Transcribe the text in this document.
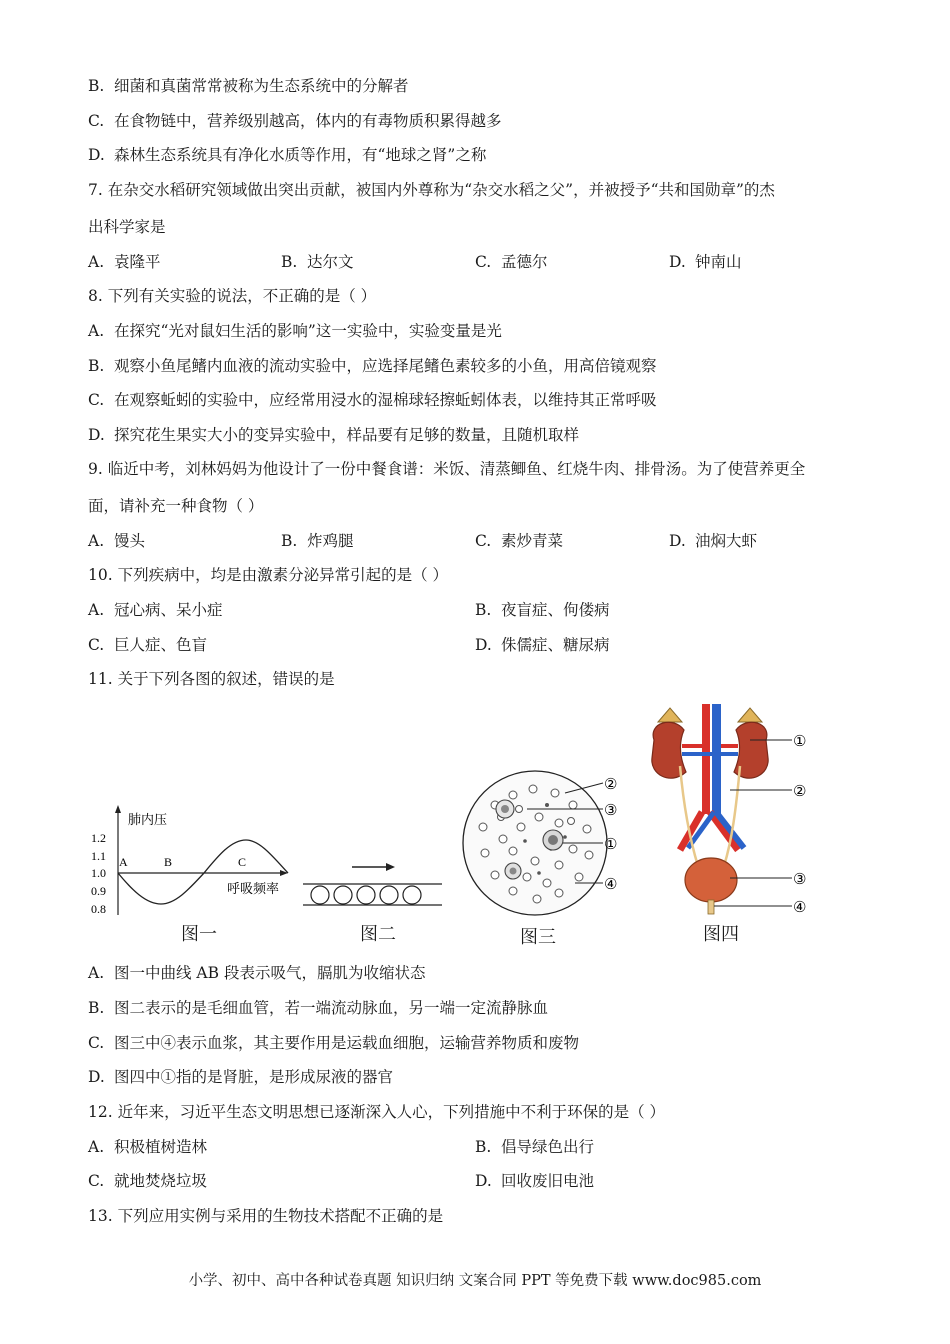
B. 细菌和真菌常常被称为生态系统中的分解者
C. 在食物链中，营养级别越高，体内的有毒物质积累得越多
D. 森林生态系统具有净化水质等作用，有“地球之肾”之称
7. 在杂交水稻研究领域做出突出贡献，被国内外尊称为“杂交水稻之父”，并被授予“共和国勋章”的杰
出科学家是
A. 袁隆平	B. 达尔文	C. 孟德尔	D. 钟南山
8. 下列有关实验的说法，不正确的是（ ）
A. 在探究“光对鼠妇生活的影响”这一实验中，实验变量是光
B. 观察小鱼尾鳍内血液的流动实验中，应选择尾鳍色素较多的小鱼，用高倍镜观察
C. 在观察蚯蚓的实验中，应经常用浸水的湿棉球轻擦蚯蚓体表，以维持其正常呼吸
D. 探究花生果实大小的变异实验中，样品要有足够的数量，且随机取样
9. 临近中考，刘林妈妈为他设计了一份中餐食谱：米饭、清蒸鲫鱼、红烧牛肉、排骨汤。为了使营养更全
面，请补充一种食物（ ）
A. 馒头	B. 炸鸡腿	C. 素炒青菜	D. 油焖大虾
10. 下列疾病中，均是由激素分泌异常引起的是（ ）
A. 冠心病、呆小症	B. 夜盲症、佝偻病
C. 巨人症、色盲	D. 侏儒症、糖尿病
11. 关于下列各图的叙述，错误的是
肺内压
呼吸频率
1.2
1.1
1.0
0.9
0.8
A	B	C
图一	图二
②
③
①
④
图三
①
②
③
④
图四
A. 图一中曲线 AB 段表示吸气，膈肌为收缩状态
B. 图二表示的是毛细血管，若一端流动脉血，另一端一定流静脉血
C. 图三中④表示血浆，其主要作用是运载血细胞，运输营养物质和废物
D. 图四中①指的是肾脏，是形成尿液的器官
12. 近年来，习近平生态文明思想已逐渐深入人心，下列措施中不利于环保的是（ ）
A. 积极植树造林	B. 倡导绿色出行
C. 就地焚烧垃圾	D. 回收废旧电池
13. 下列应用实例与采用的生物技术搭配不正确的是
小学、初中、高中各种试卷真题 知识归纳 文案合同 PPT 等免费下载 www.doc985.com
